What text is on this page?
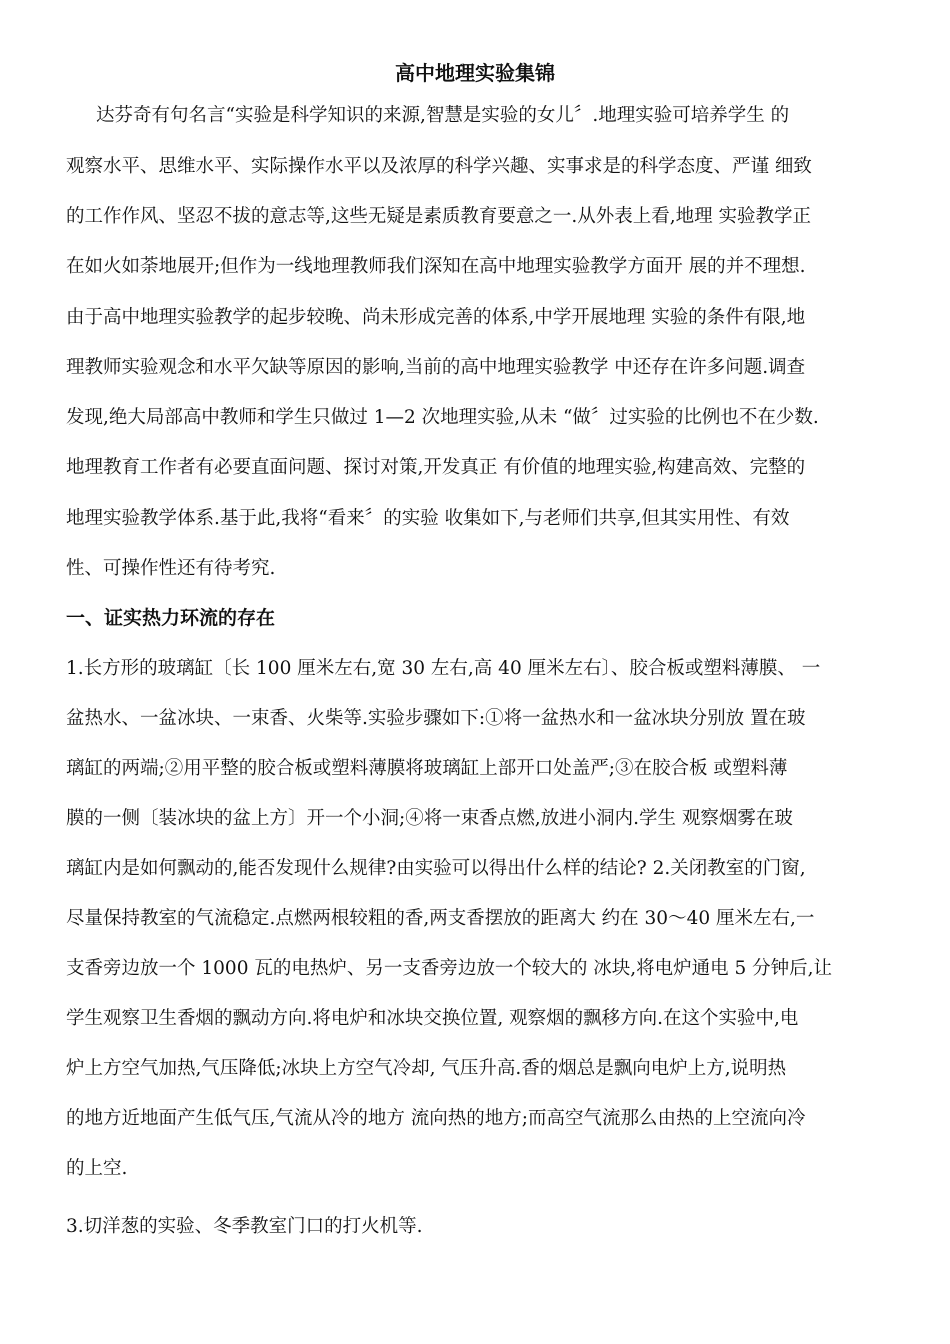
高中地理实验集锦

达芬奇有句名言“实验是科学知识的来源,智慧是实验的女儿〞.地理实验可培养学生 的

观察水平、思维水平、实际操作水平以及浓厚的科学兴趣、实事求是的科学态度、严谨 细致

的工作作风、坚忍不拔的意志等,这些无疑是素质教育要意之一.从外表上看,地理 实验教学正

在如火如荼地展开;但作为一线地理教师我们深知在高中地理实验教学方面开 展的并不理想.

由于高中地理实验教学的起步较晚、尚未形成完善的体系,中学开展地理 实验的条件有限,地

理教师实验观念和水平欠缺等原因的影响,当前的高中地理实验教学 中还存在许多问题.调查

发现,绝大局部高中教师和学生只做过 1—2 次地理实验,从未 “做〞过实验的比例也不在少数.

地理教育工作者有必要直面问题、探讨对策,开发真正 有价值的地理实验,构建高效、完整的

地理实验教学体系.基于此,我将“看来〞的实验 收集如下,与老师们共享,但其实用性、有效

性、可操作性还有待考究.

一、证实热力环流的存在

1.长方形的玻璃缸〔长 100 厘米左右,宽 30 左右,高 40 厘米左右〕、胶合板或塑料薄膜、 一

盆热水、一盆冰块、一束香、火柴等.实验步骤如下:①将一盆热水和一盆冰块分别放 置在玻

璃缸的两端;②用平整的胶合板或塑料薄膜将玻璃缸上部开口处盖严;③在胶合板 或塑料薄

膜的一侧〔装冰块的盆上方〕开一个小洞;④将一束香点燃,放进小洞内.学生 观察烟雾在玻

璃缸内是如何飘动的,能否发现什么规律?由实验可以得出什么样的结论? 2.关闭教室的门窗,

尽量保持教室的气流稳定.点燃两根较粗的香,两支香摆放的距离大 约在 30〜40 厘米左右,一

支香旁边放一个 1000 瓦的电热炉、另一支香旁边放一个较大的 冰块,将电炉通电 5 分钟后,让

学生观察卫生香烟的飘动方向.将电炉和冰块交换位置, 观察烟的飘移方向.在这个实验中,电

炉上方空气加热,气压降低;冰块上方空气冷却, 气压升高.香的烟总是飘向电炉上方,说明热

的地方近地面产生低气压,气流从冷的地方 流向热的地方;而高空气流那么由热的上空流向冷

的上空.

3.切洋葱的实验、冬季教室门口的打火机等.
